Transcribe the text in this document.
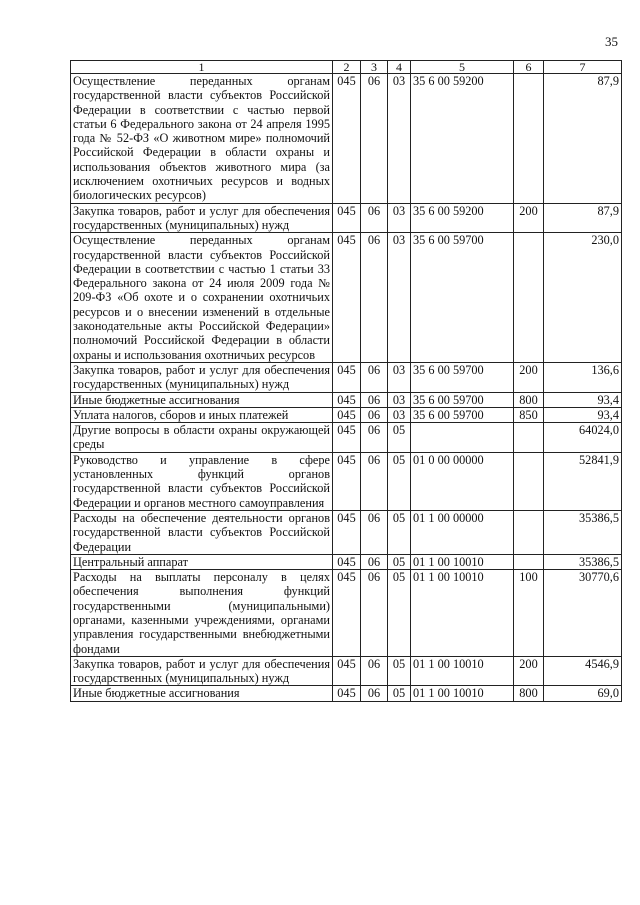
35
1	2	3	4	5	6	7
Осуществление переданных органам государственной власти субъектов Российской Федерации в соответствии с частью первой статьи 6 Федерального закона от 24 апреля 1995 года № 52-ФЗ «О животном мире» полномочий Российской Федерации в области охраны и использования объектов животного мира (за исключением охотничьих ресурсов и водных биологических ресурсов)	045	06	03	35 6 00 59200		87,9
Закупка товаров, работ и услуг для обеспечения государственных (муниципальных) нужд	045	06	03	35 6 00 59200	200	87,9
Осуществление переданных органам государственной власти субъектов Российской Федерации в соответствии с частью 1 статьи 33 Федерального закона от 24 июля 2009 года № 209-ФЗ «Об охоте и о сохранении охотничьих ресурсов и о внесении изменений в отдельные законодательные акты Российской Федерации» полномочий Российской Федерации в области охраны и использования охотничьих ресурсов	045	06	03	35 6 00 59700		230,0
Закупка товаров, работ и услуг для обеспечения государственных (муниципальных) нужд	045	06	03	35 6 00 59700	200	136,6
Иные бюджетные ассигнования	045	06	03	35 6 00 59700	800	93,4
Уплата налогов, сборов и иных платежей	045	06	03	35 6 00 59700	850	93,4
Другие вопросы в области охраны окружающей среды	045	06	05			64024,0
Руководство и управление в сфере установленных функций органов государственной власти субъектов Российской Федерации и органов местного самоуправления	045	06	05	01 0 00 00000		52841,9
Расходы на обеспечение деятельности органов государственной власти субъектов Российской Федерации	045	06	05	01 1 00 00000		35386,5
Центральный аппарат	045	06	05	01 1 00 10010		35386,5
Расходы на выплаты персоналу в целях обеспечения выполнения функций государственными (муниципальными) органами, казенными учреждениями, органами управления государственными внебюджетными фондами	045	06	05	01 1 00 10010	100	30770,6
Закупка товаров, работ и услуг для обеспечения государственных (муниципальных) нужд	045	06	05	01 1 00 10010	200	4546,9
Иные бюджетные ассигнования	045	06	05	01 1 00 10010	800	69,0
